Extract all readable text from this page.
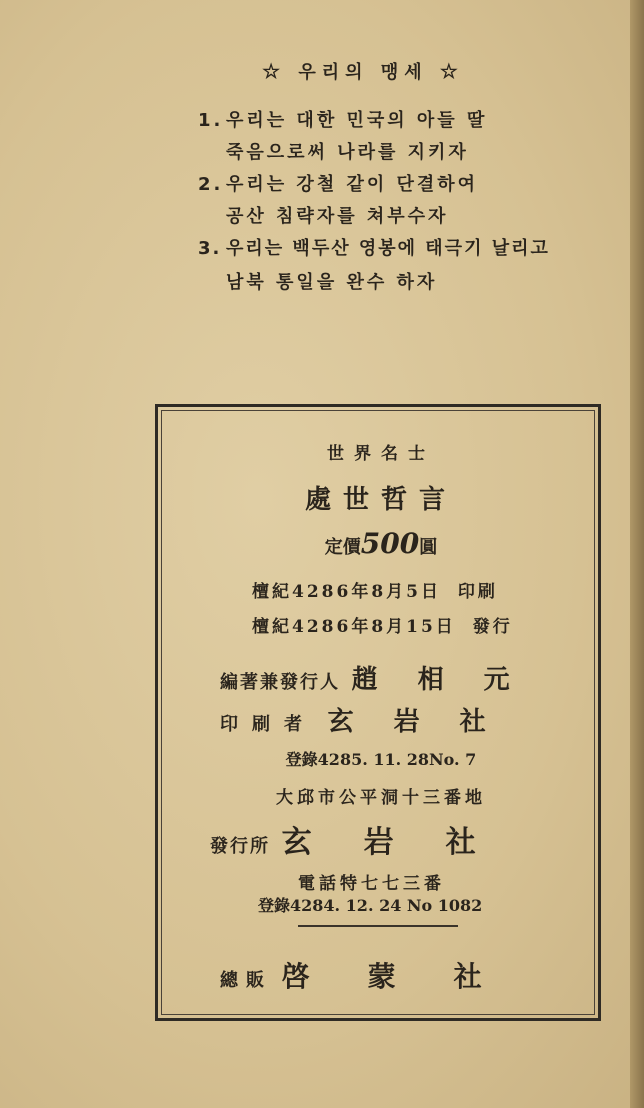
☆ 우리의 맹세 ☆
1. 우리는 대한 민국의 아들 딸
죽음으로써 나라를 지키자
2. 우리는 강철 같이 단결하여
공산 침략자를 쳐부수자
3. 우리는 백두산 영봉에 태극기 날리고
남북 통일을 완수 하자
世界名士
處世哲言
定價500圓
檀紀4286年8月5日 印刷
檀紀4286年8月15日 發行
編著兼發行人 趙相元
印刷者 玄岩社
登錄4285. 11. 28No. 7
大邱市公平洞十三番地
發行所 玄岩社
電話特七七三番
登錄4284. 12. 24 No 1082
總販 啓蒙社
